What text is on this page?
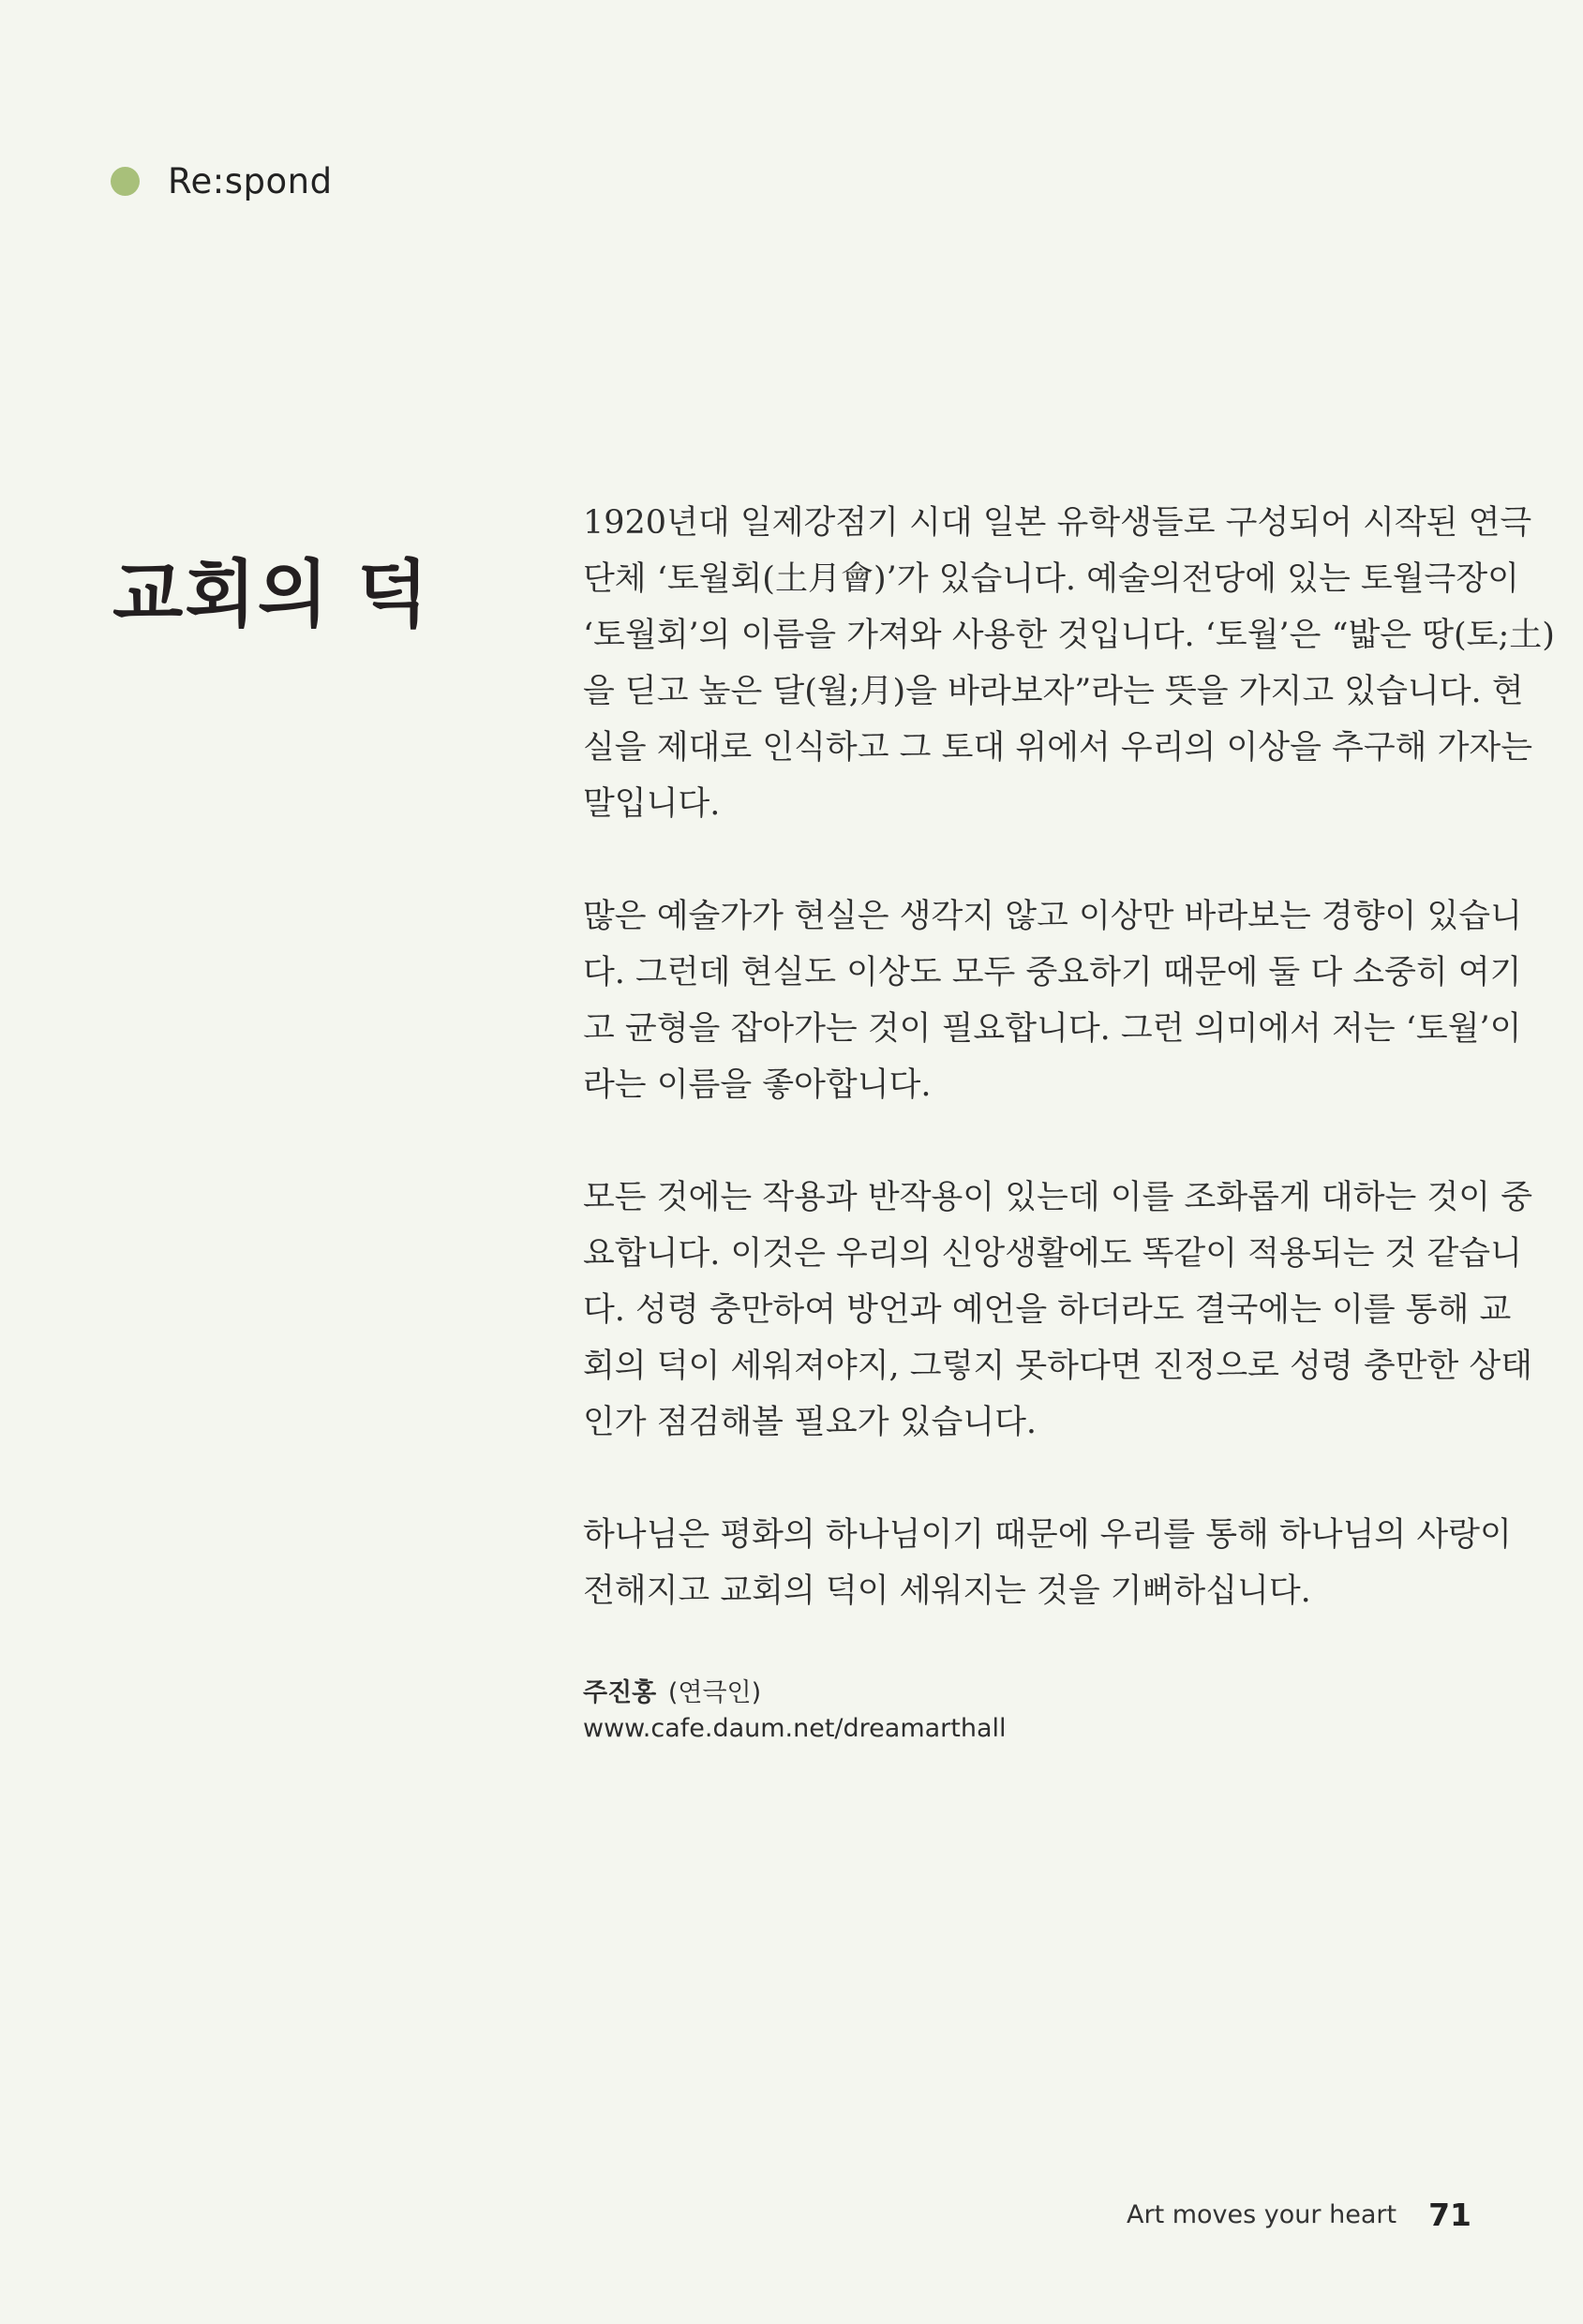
Re:spond
교회의 덕

1920년대 일제강점기 시대 일본 유학생들로 구성되어 시작된 연극
단체 ‘토월회(土月會)’가 있습니다. 예술의전당에 있는 토월극장이
‘토월회’의 이름을 가져와 사용한 것입니다. ‘토월’은 “밟은 땅(토;土)
을 딛고 높은 달(월;月)을 바라보자”라는 뜻을 가지고 있습니다. 현
실을 제대로 인식하고 그 토대 위에서 우리의 이상을 추구해 가자는
말입니다.

많은 예술가가 현실은 생각지 않고 이상만 바라보는 경향이 있습니
다. 그런데 현실도 이상도 모두 중요하기 때문에 둘 다 소중히 여기
고 균형을 잡아가는 것이 필요합니다. 그런 의미에서 저는 ‘토월’이
라는 이름을 좋아합니다.

모든 것에는 작용과 반작용이 있는데 이를 조화롭게 대하는 것이 중
요합니다. 이것은 우리의 신앙생활에도 똑같이 적용되는 것 같습니
다. 성령 충만하여 방언과 예언을 하더라도 결국에는 이를 통해 교
회의 덕이 세워져야지, 그렇지 못하다면 진정으로 성령 충만한 상태
인가 점검해볼 필요가 있습니다.

하나님은 평화의 하나님이기 때문에 우리를 통해 하나님의 사랑이
전해지고 교회의 덕이 세워지는 것을 기뻐하십니다.

주진홍 (연극인)
www.cafe.daum.net/dreamarthall
Art moves your heart 71
